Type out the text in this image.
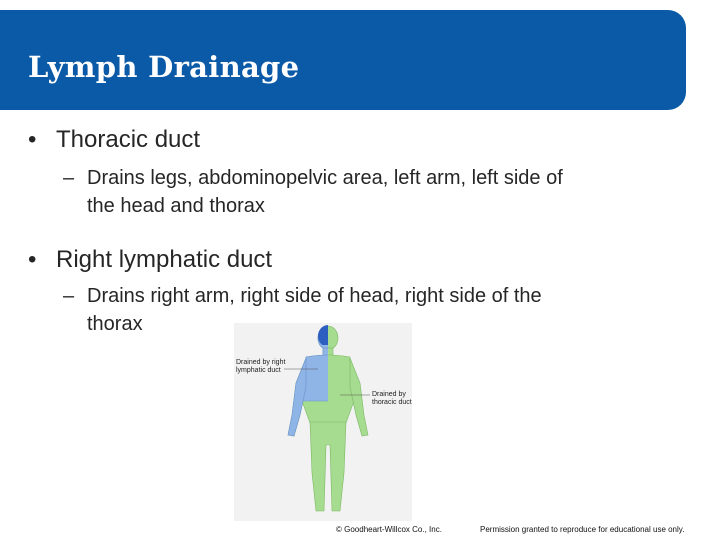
Lymph Drainage
• Thoracic duct
– Drains legs, abdominopelvic area, left arm, left side of
the head and thorax
• Right lymphatic duct
– Drains right arm, right side of head, right side of the
thorax
Drained by right
lymphatic duct
Drained by
thoracic duct
© Goodheart-Willcox Co., Inc.	Permission granted to reproduce for educational use only.
